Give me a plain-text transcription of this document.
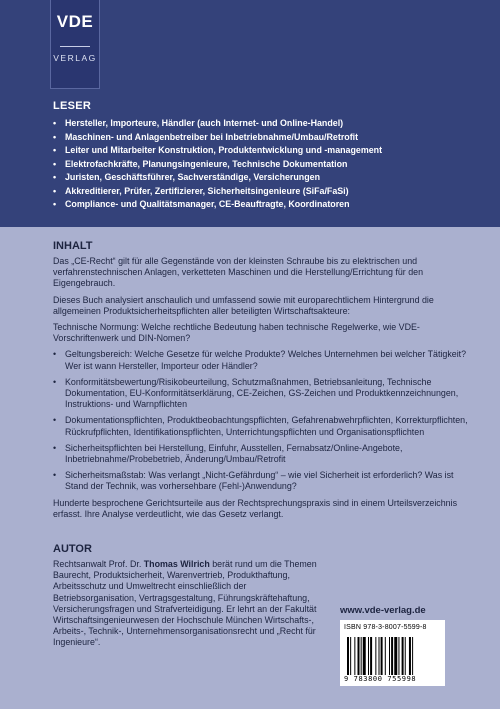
VDE
VERLAG
LESER
• Hersteller, Importeure, Händler (auch Internet- und Online-Handel)
• Maschinen- und Anlagenbetreiber bei Inbetriebnahme/Umbau/Retrofit
• Leiter und Mitarbeiter Konstruktion, Produktentwicklung und -management
• Elektrofachkräfte, Planungsingenieure, Technische Dokumentation
• Juristen, Geschäftsführer, Sachverständige, Versicherungen
• Akkreditierer, Prüfer, Zertifizierer, Sicherheitsingenieure (SiFa/FaSi)
• Compliance- und Qualitätsmanager, CE-Beauftragte, Koordinatoren
INHALT

Das „CE-Recht“ gilt für alle Gegenstände von der kleinsten Schraube bis zu elektrischen und verfahrenstechnischen Anlagen, verketteten Maschinen und die Herstellung/Errichtung für den Eigengebrauch.

Dieses Buch analysiert anschaulich und umfassend sowie mit europarechtlichem Hintergrund die allgemeinen Produktsicherheitspflichten aller beteiligten Wirtschaftsakteure:

Technische Normung: Welche rechtliche Bedeutung haben technische Regelwerke, wie VDE-Vorschriftenwerk und DIN-Nomen?

• Geltungsbereich: Welche Gesetze für welche Produkte? Welches Unternehmen bei welcher Tätigkeit? Wer ist wann Hersteller, Importeur oder Händler?
• Konformitätsbewertung/Risikobeurteilung, Schutzmaßnahmen, Betriebsanleitung, Technische Dokumentation, EU-Konformitätserklärung, CE-Zeichen, GS-Zeichen und Produktkennzeichnungen, Instruktions- und Warnpflichten
• Dokumentationspflichten, Produktbeobachtungspflichten, Gefahrenabwehrpflichten, Korrekturpflichten, Rückrufpflichten, Identifikationspflichten, Unterrichtungspflichten und Organisationspflichten
• Sicherheitspflichten bei Herstellung, Einfuhr, Ausstellen, Fernabsatz/Online-Angebote, Inbetriebnahme/Probebetrieb, Änderung/Umbau/Retrofit
• Sicherheitsmaßstab: Was verlangt „Nicht-Gefährdung“ – wie viel Sicherheit ist erforderlich? Was ist Stand der Technik, was vorhersehbare (Fehl-)Anwendung?

Hunderte besprochene Gerichtsurteile aus der Rechtsprechungspraxis sind in einem Urteilsverzeichnis erfasst. Ihre Analyse verdeutlicht, wie das Gesetz verlangt.

AUTOR

Rechtsanwalt Prof. Dr. Thomas Wilrich berät rund um die Themen Baurecht, Produktsicherheit, Warenvertrieb, Produkthaftung, Arbeitsschutz und Umweltrecht einschließlich der Betriebsorganisation, Vertragsgestaltung, Führungskräftehaftung, Versicherungsfragen und Strafverteidigung. Er lehrt an der Fakultät Wirtschaftsingenieurwesen der Hochschule München Wirtschafts-, Arbeits-, Technik-, Unternehmensorganisationsrecht und „Recht für Ingenieure“.

www.vde-verlag.de
ISBN 978-3-8007-5599-8
9 783800 755998
